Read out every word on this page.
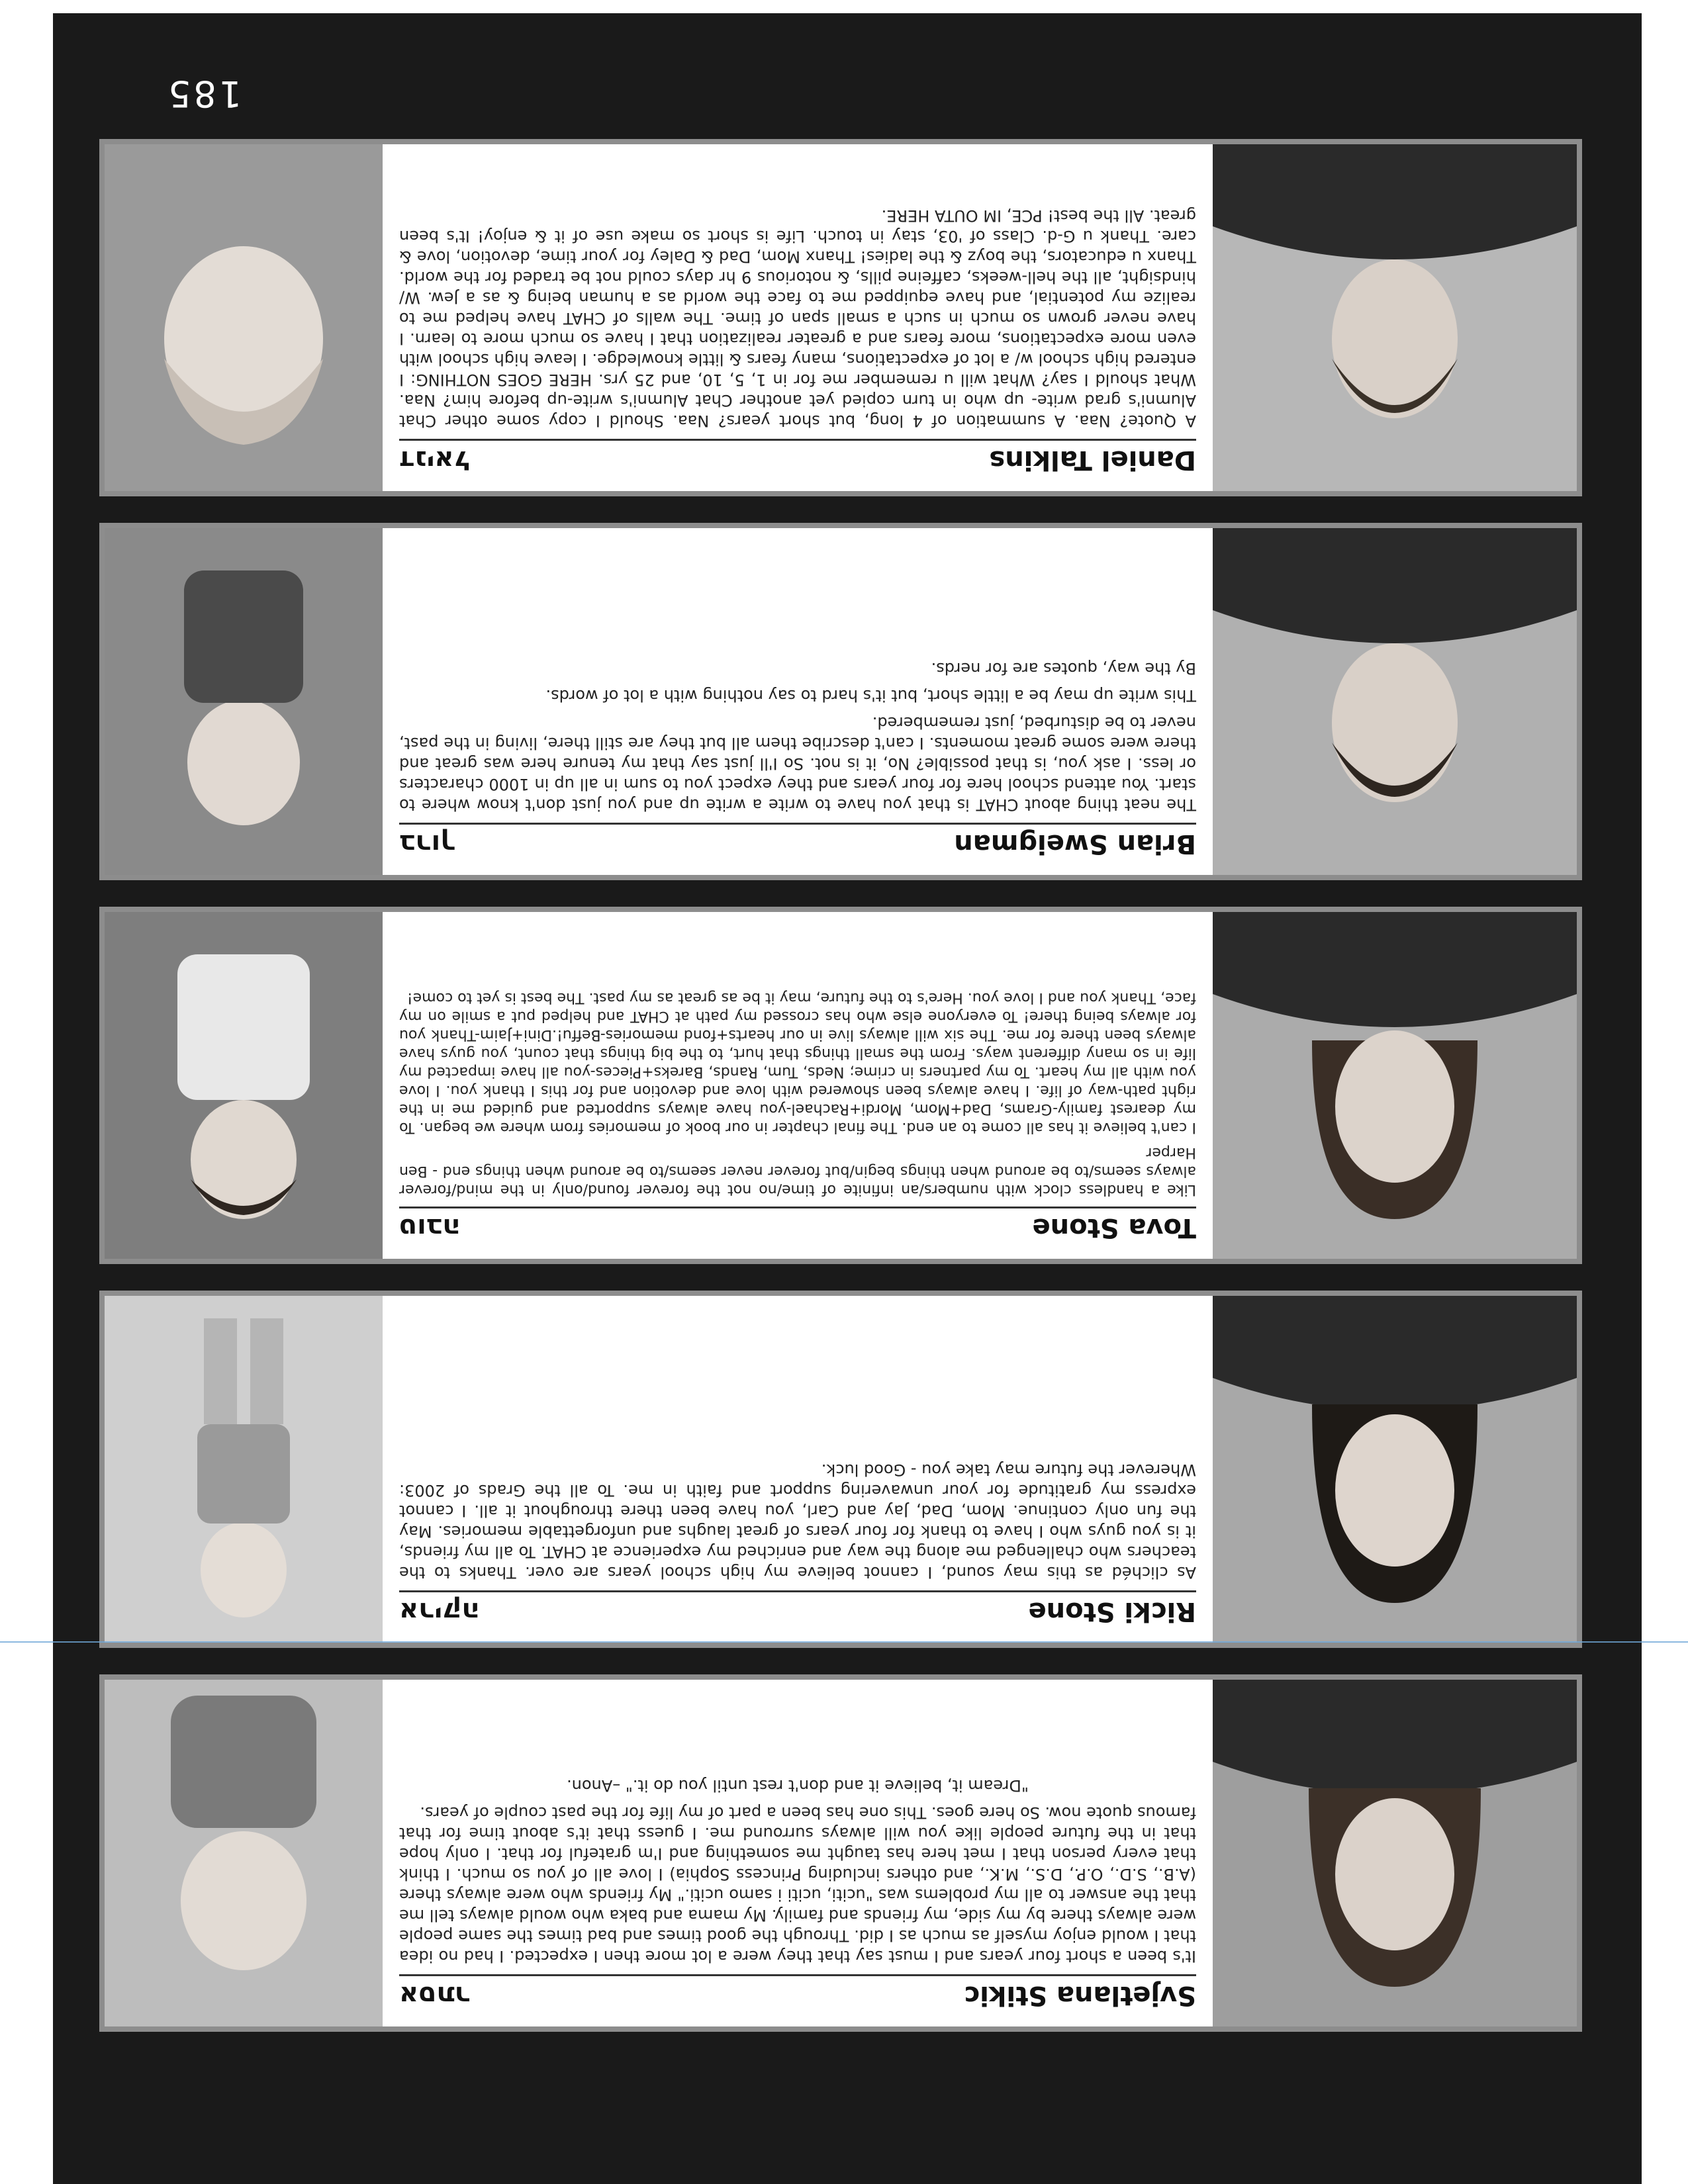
185
Daniel Talkins
דניאל

A Quote? Naa. A summation of 4 long, but short years? Naa. Should I copy some other Chat Alumni's grad write- up who in turn copied yet another Chat Alumni's write-up before him? Naa. What should I say? What will u remember me for in 1, 5, 10, and 25 yrs. HERE GOES NOTHING: I entered high school w/ a lot of expectations, many fears & little knowledge. I leave high school with even more expectations, more fears and a greater realization that I have so much more to learn. I have never grown so much in such a small span of time. The walls of CHAT have helped me to realize my potential, and have equipped me to face the world as a human being & as a Jew. W/ hindsight, all the hell-weeks, caffeine pills, & notorious 9 hr days could not be traded for the world. Thanx u educators, the boyz & the ladies! Thanx Mom, Dad & Daley for your time, devotion, love & care. Thank u G-d. Class of '03, stay in touch. Life is short so make use of it & enjoy! It's been great. All the best! PCE, IM OUTA HERE.

Brian Sweigman
ברוך

The neat thing about CHAT is that you have to write a write up and you just don't know where to start. You attend school here for four years and they expect you to sum in all up in 1000 characters or less. I ask you, is that possible? No, it is not. So I'll just say that my tenure here was great and there were some great moments. I can't describe them all but they are still there, living in the past, never to be disturbed, just remembered.

This write up may be a little short, but it's hard to say nothing with a lot of words.

By the way, quotes are for nerds.

Tova Stone
טובה

Like a handless clock with numbers/an infinite of time/no not the forever found/only in the mind/forever always seems/to be around when things begin/but forever never seems/to be around when things end - Ben Harper

I can't believe it has all come to an end. The final chapter in our book of memories from where we began. To my dearest family-Grams, Dad+Mom, Mordi+Rachael-you have always supported and guided me in the right path-way of life. I have always been showered with love and devotion and for this I thank you. I love you with all my heart. To my partners in crime; Neds, Tum, Rands, Bareks+Pieces-you all have impacted my life in so many different ways. From the small things that hurt, to the big things that count, you guys have always been there for me. The six will always live in our hearts+fond memories-Beffu!.Dini+Jaim-Thank you for always being there! To everyone else who has crossed my path at CHAT and helped put a smile on my face, Thank you and I love you. Here's to the future, may it be as great as my past. The best is yet to come!

Ricki Stone
אריקה

As clichéd as this may sound, I cannot believe my high school years are over. Thanks to the teachers who challenged me along the way and enriched my experience at CHAT. To all my friends, it is you guys who I have to thank for four years of great laughs and unforgettable memories. May the fun only continue. Mom, Dad, Jay and Carl, you have been there throughout it all. I cannot express my gratitude for your unwavering support and faith in me. To all the Grads of 2003: Wherever the future may take you - Good luck.

Svjetlana Stikic
אסתר

It's been a short four years and I must say that they were a lot more then I expected. I had no idea that I would enjoy myself as much as I did. Through the good times and bad times the same people were always there by my side, my friends and family. My mama and baka who would always tell me that the answer to all my problems was "uciti, uciti i samo uciti." My friends who were always there (A.B., S.D., O.P., D.S., M.K., and others including Princess Sophia) I love all of you so much. I think that every person that I met here has taught me something and I'm grateful for that. I only hope that in the future people like you will always surround me. I guess that it's about time for that famous quote now. So here goes. This one has been a part of my life for the past couple of years.

"Dream it, believe it and don't rest until you do it." –Anon.
